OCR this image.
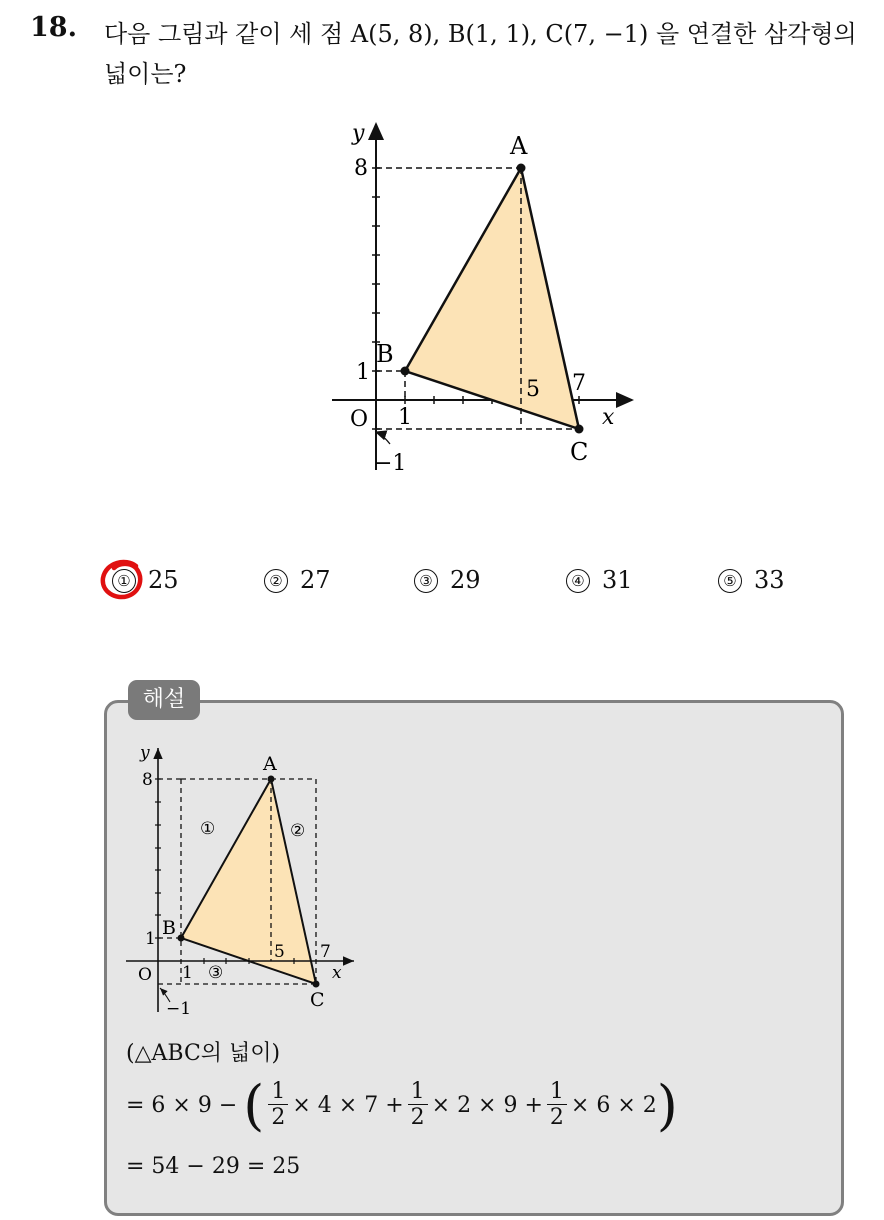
18. 다음 그림과 같이 세 점 A(5, 8), B(1, 1), C(7, −1) 을 연결한 삼각형의 넓이는?
y
x
O
A
B
C
8
1
1
5 7
−1
① 25	② 27	③ 29	④ 31	⑤ 33
해설
y
x
O
A
B
C
8
1
1
5 7
−1
①	②
③
(△ABC의 넓이)
= 6 × 9 − ( $\frac{1}{2} \times 4 \times 7 + \frac{1}{2} \times 2 \times 9 + \frac{1}{2} \times 6 \times 2$ )
= 54 − 29 = 25
